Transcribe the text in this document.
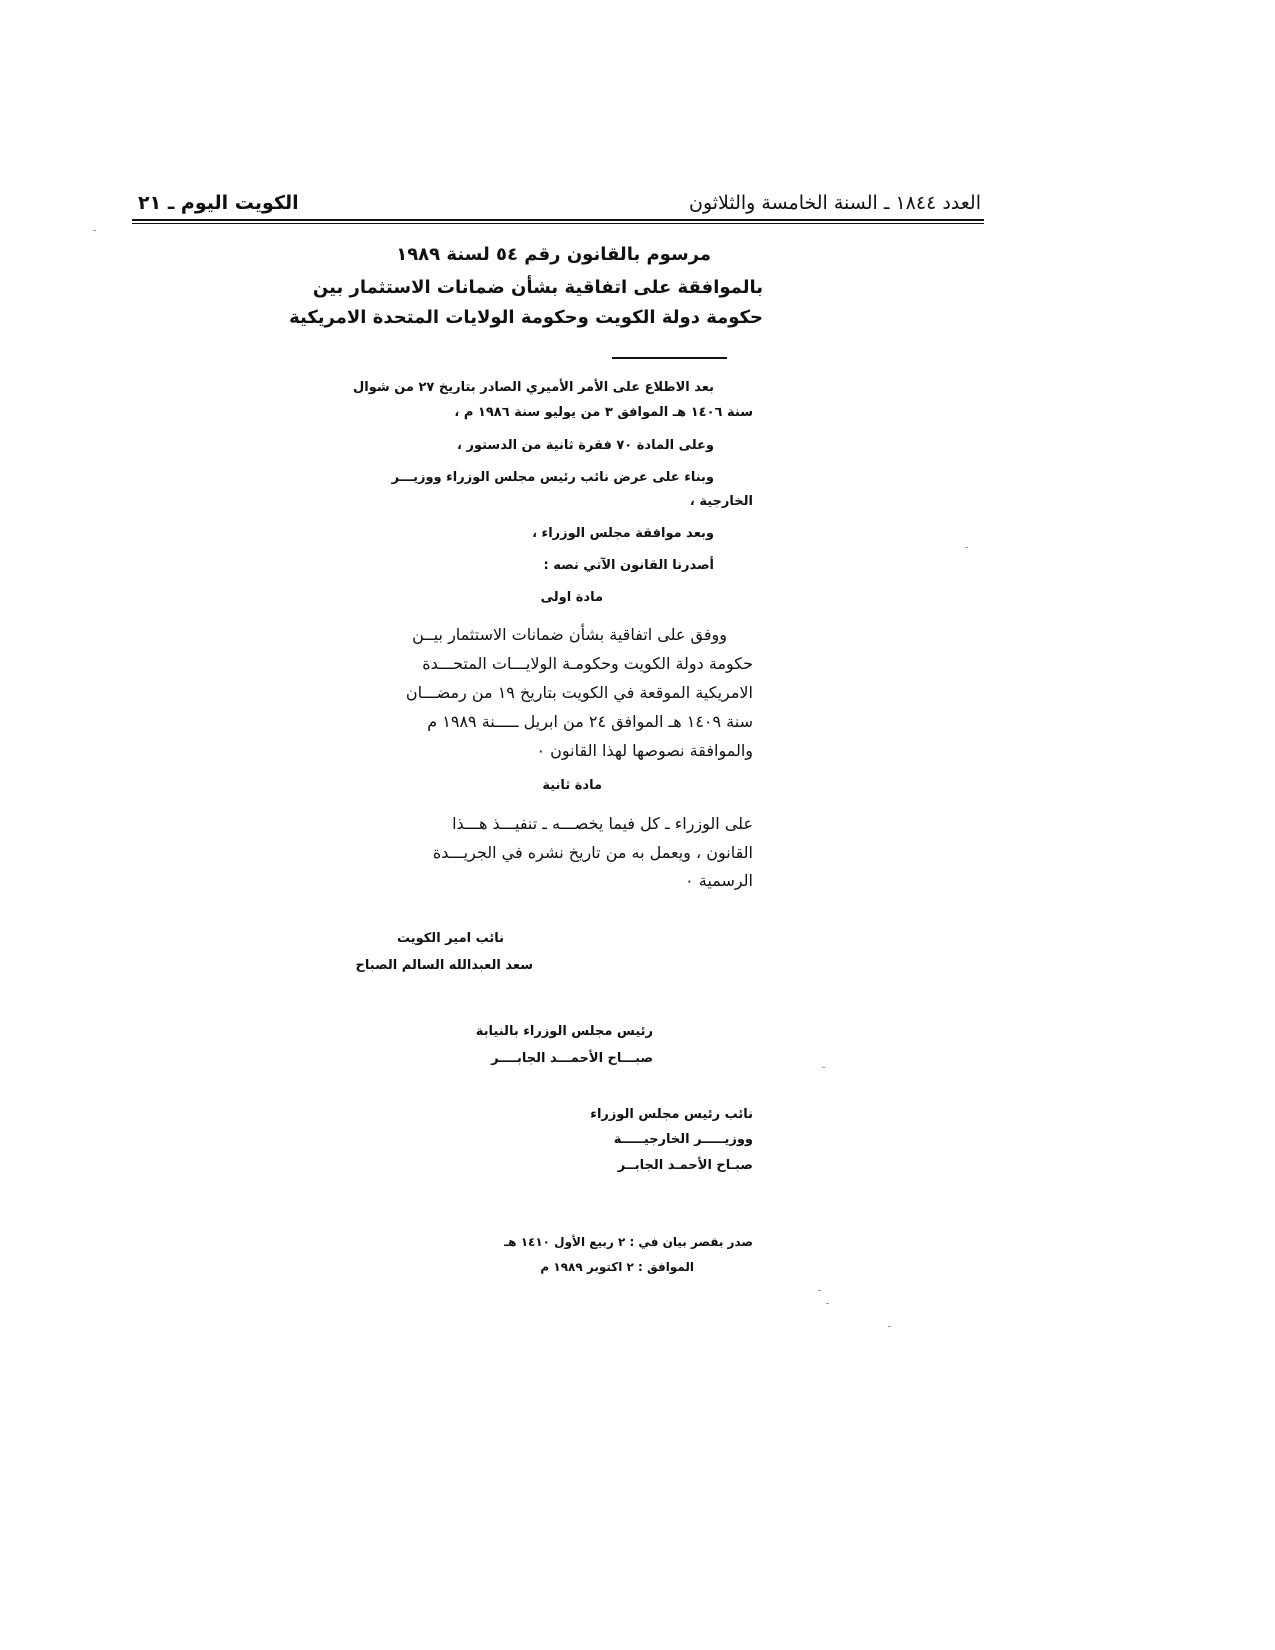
الكويت اليوم ـ ٢١	العدد ١٨٤٤ ـ السنة الخامسة والثلاثون
مرسوم بالقانون رقم ٥٤ لسنة ١٩٨٩
بالموافقة على اتفاقية بشأن ضمانات الاستثمار بين
حكومة دولة الكويت وحكومة الولايات المتحدة الامريكية
بعد الاطلاع على الأمر الأميري الصادر بتاريخ ٢٧ من شوال
سنة ١٤٠٦ هـ الموافق ٣ من يوليو سنة ١٩٨٦ م ،
وعلى المادة ٧٠ فقرة ثانية من الدستور ،
وبناء على عرض نائب رئيس مجلس الوزراء ووزيـــر
الخارجية ،
وبعد موافقة مجلس الوزراء ،
أصدرنا القانون الآتي نصه :
مادة اولى
ووفق على اتفاقية بشأن ضمانات الاستثمار بيــن
حكومة دولة الكويت وحكومـة الولايـــات المتحـــدة
الامريكية الموقعة في الكويت بتاريخ ١٩ من رمضـــان
سنة ١٤٠٩ هـ الموافق ٢٤ من ابريل ـــــنة ١٩٨٩ م
والموافقة نصوصها لهذا القانون ٠
مادة ثانية
على الوزراء ـ كل فيما يخصـــه ـ تنفيـــذ هـــذا
القانون ، ويعمل به من تاريخ نشره في الجريـــدة
الرسمية ٠
نائب امير الكويت
سعد العبدالله السالم الصباح
رئيس مجلس الوزراء بالنيابة
صبـــاح الأحمـــد الجابــــر
نائب رئيس مجلس الوزراء
ووزيـــــر الخارجيـــــة
صبـاح الأحمـد الجابــر
صدر بقصر بيان في : ٢ ربيع الأول ١٤١٠ هـ
الموافق : ٢ اكتوبر ١٩٨٩ م
